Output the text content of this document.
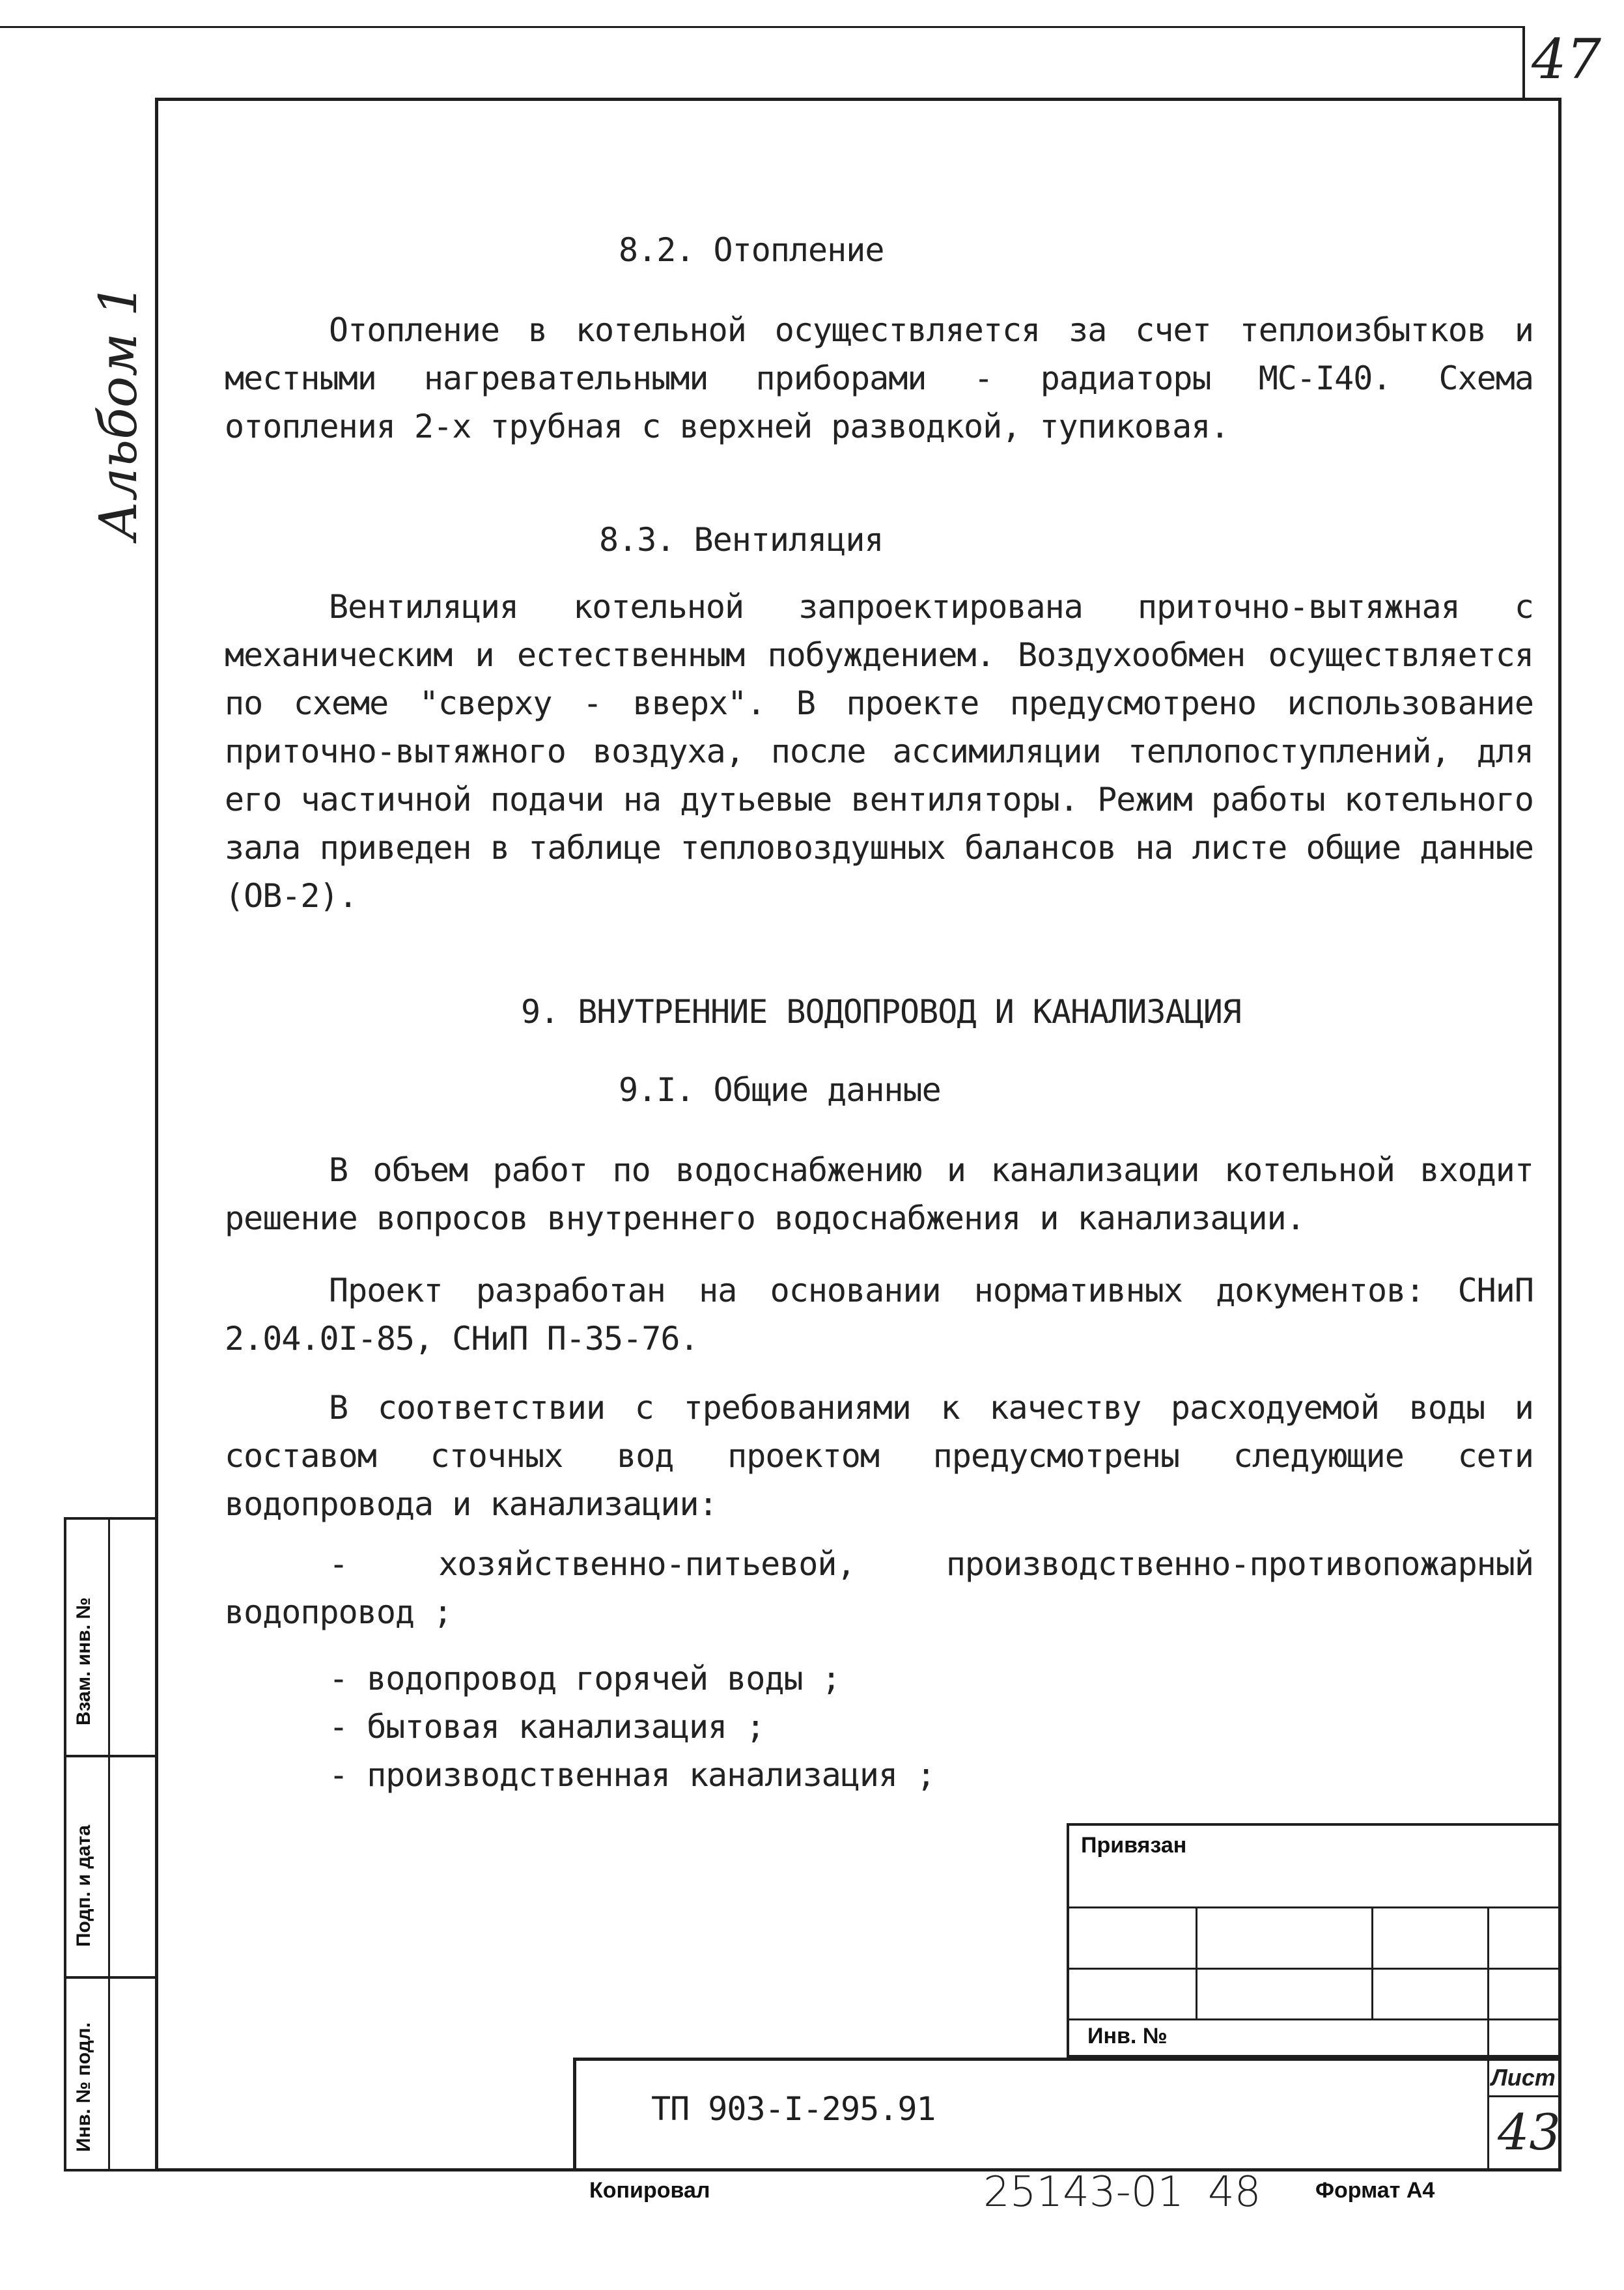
47
Альбом 1
Взам. инв. №
Подп. и дата
Инв. № подл.
8.2. Отопление

Отопление в котельной осуществляется за счет теплоизбытков и местными нагревательными приборами - радиаторы МС-I40. Схема отопления 2-х трубная с верхней разводкой, тупиковая.

8.3. Вентиляция

Вентиляция котельной запроектирована приточно-вытяжная с механическим и естественным побуждением. Воздухообмен осуществляется по схеме "сверху - вверх". В проекте предусмотрено использование приточно-вытяжного воздуха, после ассимиляции теплопоступлений, для его частичной подачи на дутьевые вентиляторы. Режим работы котельного зала приведен в таблице тепловоздушных балансов на листе общие данные (ОВ-2).

9. ВНУТРЕННИЕ ВОДОПРОВОД И КАНАЛИЗАЦИЯ
9.I. Общие данные

В объем работ по водоснабжению и канализации котельной входит решение вопросов внутреннего водоснабжения и канализации.

Проект разработан на основании нормативных документов: СНиП 2.04.0I-85, СНиП П-35-76.

В соответствии с требованиями к качеству расходуемой воды и составом сточных вод проектом предусмотрены следующие сети водопровода и канализации:

- хозяйственно-питьевой, производственно-противопожарный водопровод ;

- водопровод горячей воды ;

- бытовая канализация ;

- производственная канализация ;

Привязан
Инв. №
ТП 903-I-295.91
Лист
43
Копировал	25143-01 48 Формат А4
